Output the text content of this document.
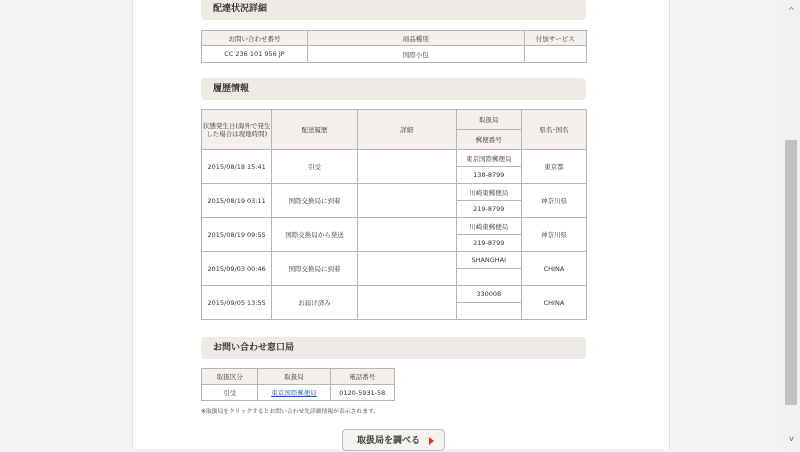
配達状況詳細
お問い合わせ番号	商品種別	付加サービス
CC 236 101 956 JP	国際小包	
履歴情報
状態発生日(海外で発生した場合は現地時間)	配送履歴	詳細	取扱局	県名･国名
			郵便番号	
2015/08/18 15:41	引受		東京国際郵便局	東京都
			138-8799	
2015/08/19 03:11	国際交換局に到着		川崎東郵便局	神奈川県
			219-8799	
2015/08/19 09:55	国際交換局から発送		川崎東郵便局	神奈川県
			219-8799	
2015/09/03 00:46	国際交換局に到着		SHANGHAI	CHINA

2015/09/05 13:55	お届け済み		330008	CHINA

お問い合わせ窓口局
取扱区分	取扱局	電話番号
引受	東京国際郵便局	0120-5931-58
※取扱局をクリックするとお問い合わせ先詳細情報が表示されます。
取扱局を調べる
^
v
